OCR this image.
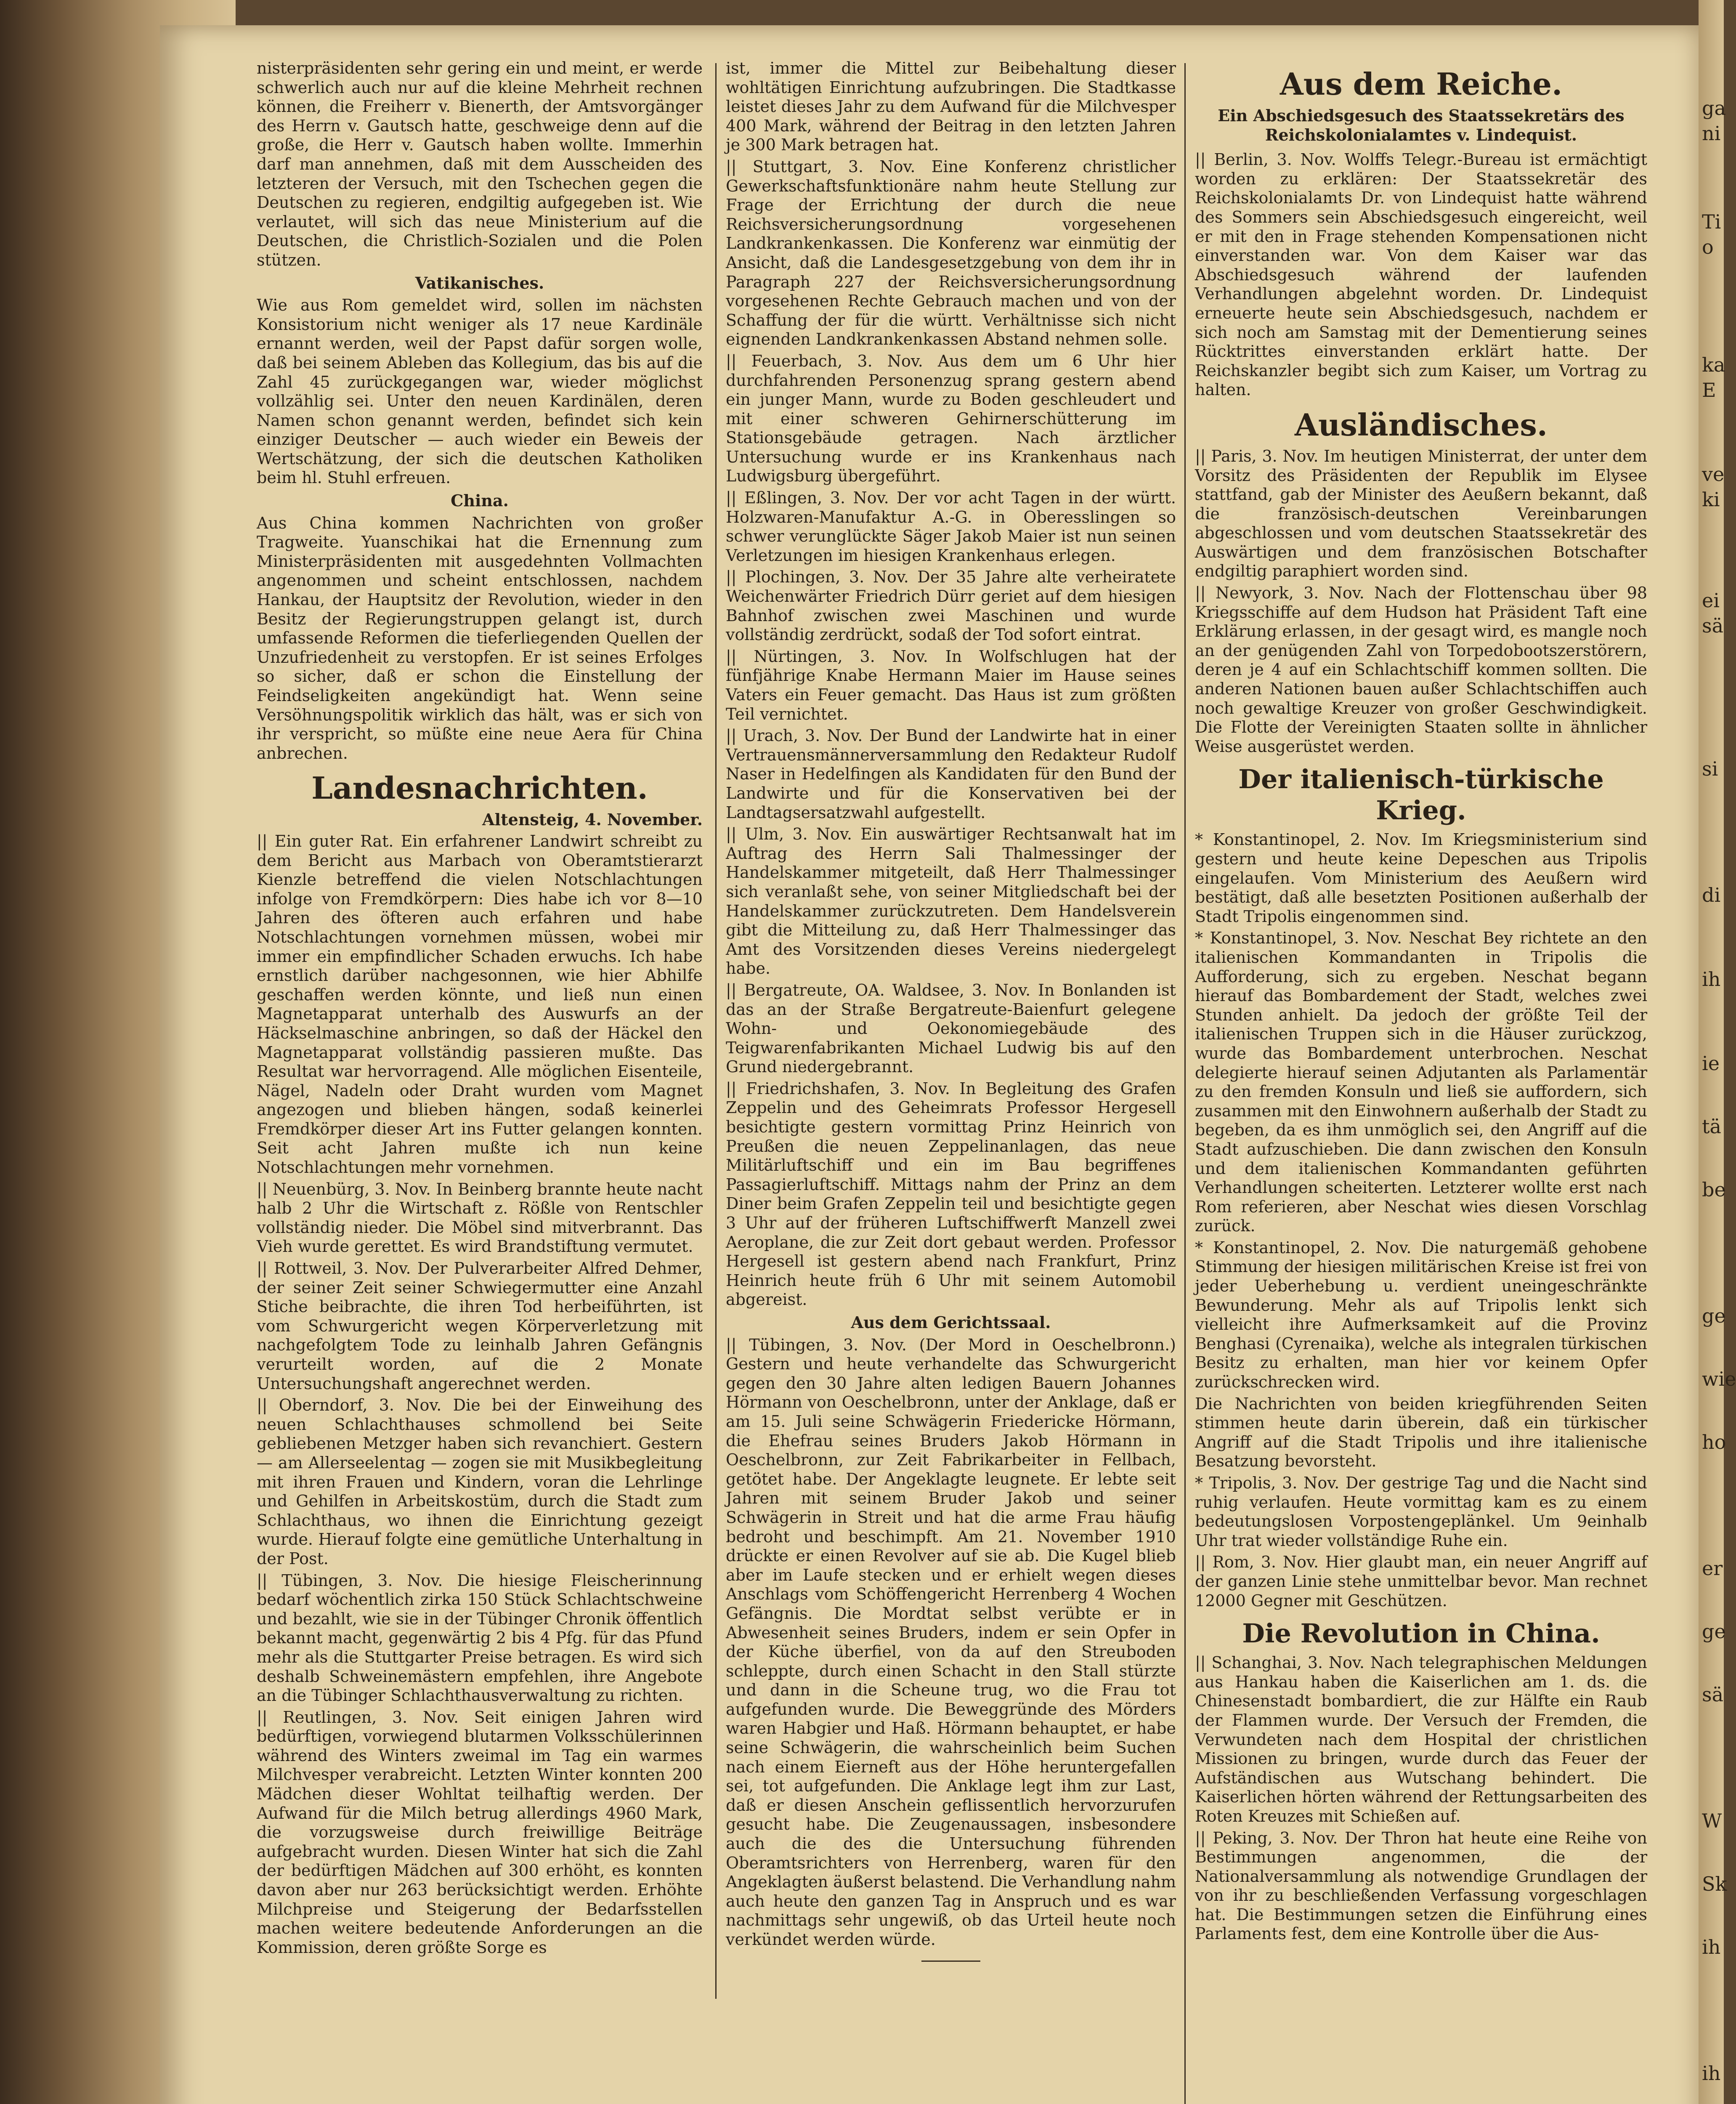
nisterpräsidenten sehr gering ein und meint, er werde schwerlich auch nur auf die kleine Mehrheit rechnen können, die Freiherr v. Bienerth, der Amtsvorgänger des Herrn v. Gautsch hatte, geschweige denn auf die große, die Herr v. Gautsch haben wollte. Immerhin darf man annehmen, daß mit dem Ausscheiden des letzteren der Versuch, mit den Tschechen gegen die Deutschen zu regieren, endgiltig aufgegeben ist. Wie verlautet, will sich das neue Ministerium auf die Deutschen, die Christlich-Sozialen und die Polen stützen.

Vatikanisches.

Wie aus Rom gemeldet wird, sollen im nächsten Konsistorium nicht weniger als 17 neue Kardinäle ernannt werden, weil der Papst dafür sorgen wolle, daß bei seinem Ableben das Kollegium, das bis auf die Zahl 45 zurückgegangen war, wieder möglichst vollzählig sei. Unter den neuen Kardinälen, deren Namen schon genannt werden, befindet sich kein einziger Deutscher — auch wieder ein Beweis der Wertschätzung, der sich die deutschen Katholiken beim hl. Stuhl erfreuen.

China.

Aus China kommen Nachrichten von großer Tragweite. Yuanschikai hat die Ernennung zum Ministerpräsidenten mit ausgedehnten Vollmachten angenommen und scheint entschlossen, nachdem Hankau, der Hauptsitz der Revolution, wieder in den Besitz der Regierungstruppen gelangt ist, durch umfassende Reformen die tieferliegenden Quellen der Unzufriedenheit zu verstopfen. Er ist seines Erfolges so sicher, daß er schon die Einstellung der Feindseligkeiten angekündigt hat. Wenn seine Versöhnungspolitik wirklich das hält, was er sich von ihr verspricht, so müßte eine neue Aera für China anbrechen.

Landesnachrichten.
Altensteig, 4. November.

|| Ein guter Rat. Ein erfahrener Landwirt schreibt zu dem Bericht aus Marbach von Oberamtstierarzt Kienzle betreffend die vielen Notschlachtungen infolge von Fremdkörpern: Dies habe ich vor 8—10 Jahren des öfteren auch erfahren und habe Notschlachtungen vornehmen müssen, wobei mir immer ein empfindlicher Schaden erwuchs. Ich habe ernstlich darüber nachgesonnen, wie hier Abhilfe geschaffen werden könnte, und ließ nun einen Magnetapparat unterhalb des Auswurfs an der Häckselmaschine anbringen, so daß der Häckel den Magnetapparat vollständig passieren mußte. Das Resultat war hervorragend. Alle möglichen Eisenteile, Nägel, Nadeln oder Draht wurden vom Magnet angezogen und blieben hängen, sodaß keinerlei Fremdkörper dieser Art ins Futter gelangen konnten. Seit acht Jahren mußte ich nun keine Notschlachtungen mehr vornehmen.

|| Neuenbürg, 3. Nov. In Beinberg brannte heute nacht halb 2 Uhr die Wirtschaft z. Rößle von Rentschler vollständig nieder. Die Möbel sind mitverbrannt. Das Vieh wurde gerettet. Es wird Brandstiftung vermutet.

|| Rottweil, 3. Nov. Der Pulverarbeiter Alfred Dehmer, der seiner Zeit seiner Schwiegermutter eine Anzahl Stiche beibrachte, die ihren Tod herbeiführten, ist vom Schwurgericht wegen Körperverletzung mit nachgefolgtem Tode zu leinhalb Jahren Gefängnis verurteilt worden, auf die 2 Monate Untersuchungshaft angerechnet werden.

|| Oberndorf, 3. Nov. Die bei der Einweihung des neuen Schlachthauses schmollend bei Seite gebliebenen Metzger haben sich revanchiert. Gestern — am Allerseelentag — zogen sie mit Musikbegleitung mit ihren Frauen und Kindern, voran die Lehrlinge und Gehilfen in Arbeitskostüm, durch die Stadt zum Schlachthaus, wo ihnen die Einrichtung gezeigt wurde. Hierauf folgte eine gemütliche Unterhaltung in der Post.

|| Tübingen, 3. Nov. Die hiesige Fleischerinnung bedarf wöchentlich zirka 150 Stück Schlachtschweine und bezahlt, wie sie in der Tübinger Chronik öffentlich bekannt macht, gegenwärtig 2 bis 4 Pfg. für das Pfund mehr als die Stuttgarter Preise betragen. Es wird sich deshalb Schweinemästern empfehlen, ihre Angebote an die Tübinger Schlachthausverwaltung zu richten.

|| Reutlingen, 3. Nov. Seit einigen Jahren wird bedürftigen, vorwiegend blutarmen Volksschülerinnen während des Winters zweimal im Tag ein warmes Milchvesper verabreicht. Letzten Winter konnten 200 Mädchen dieser Wohltat teilhaftig werden. Der Aufwand für die Milch betrug allerdings 4960 Mark, die vorzugsweise durch freiwillige Beiträge aufgebracht wurden. Diesen Winter hat sich die Zahl der bedürftigen Mädchen auf 300 erhöht, es konnten davon aber nur 263 berücksichtigt werden. Erhöhte Milchpreise und Steigerung der Bedarfsstellen machen weitere bedeutende Anforderungen an die Kommission, deren größte Sorge es

ist, immer die Mittel zur Beibehaltung dieser wohltätigen Einrichtung aufzubringen. Die Stadtkasse leistet dieses Jahr zu dem Aufwand für die Milchvesper 400 Mark, während der Beitrag in den letzten Jahren je 300 Mark betragen hat.

|| Stuttgart, 3. Nov. Eine Konferenz christlicher Gewerkschaftsfunktionäre nahm heute Stellung zur Frage der Errichtung der durch die neue Reichsversicherungsordnung vorgesehenen Landkrankenkassen. Die Konferenz war einmütig der Ansicht, daß die Landesgesetzgebung von dem ihr in Paragraph 227 der Reichsversicherungsordnung vorgesehenen Rechte Gebrauch machen und von der Schaffung der für die württ. Verhältnisse sich nicht eignenden Landkrankenkassen Abstand nehmen solle.

|| Feuerbach, 3. Nov. Aus dem um 6 Uhr hier durchfahrenden Personenzug sprang gestern abend ein junger Mann, wurde zu Boden geschleudert und mit einer schweren Gehirnerschütterung im Stationsgebäude getragen. Nach ärztlicher Untersuchung wurde er ins Krankenhaus nach Ludwigsburg übergeführt.

|| Eßlingen, 3. Nov. Der vor acht Tagen in der württ. Holzwaren-Manufaktur A.-G. in Oberesslingen so schwer verunglückte Säger Jakob Maier ist nun seinen Verletzungen im hiesigen Krankenhaus erlegen.

|| Plochingen, 3. Nov. Der 35 Jahre alte verheiratete Weichenwärter Friedrich Dürr geriet auf dem hiesigen Bahnhof zwischen zwei Maschinen und wurde vollständig zerdrückt, sodaß der Tod sofort eintrat.

|| Nürtingen, 3. Nov. In Wolfschlugen hat der fünfjährige Knabe Hermann Maier im Hause seines Vaters ein Feuer gemacht. Das Haus ist zum größten Teil vernichtet.

|| Urach, 3. Nov. Der Bund der Landwirte hat in einer Vertrauensmännerversammlung den Redakteur Rudolf Naser in Hedelfingen als Kandidaten für den Bund der Landwirte und für die Konservativen bei der Landtagsersatzwahl aufgestellt.

|| Ulm, 3. Nov. Ein auswärtiger Rechtsanwalt hat im Auftrag des Herrn Sali Thalmessinger der Handelskammer mitgeteilt, daß Herr Thalmessinger sich veranlaßt sehe, von seiner Mitgliedschaft bei der Handelskammer zurückzutreten. Dem Handelsverein gibt die Mitteilung zu, daß Herr Thalmessinger das Amt des Vorsitzenden dieses Vereins niedergelegt habe.

|| Bergatreute, OA. Waldsee, 3. Nov. In Bonlanden ist das an der Straße Bergatreute-Baienfurt gelegene Wohn- und Oekonomiegebäude des Teigwarenfabrikanten Michael Ludwig bis auf den Grund niedergebrannt.

|| Friedrichshafen, 3. Nov. In Begleitung des Grafen Zeppelin und des Geheimrats Professor Hergesell besichtigte gestern vormittag Prinz Heinrich von Preußen die neuen Zeppelinanlagen, das neue Militärluftschiff und ein im Bau begriffenes Passagierluftschiff. Mittags nahm der Prinz an dem Diner beim Grafen Zeppelin teil und besichtigte gegen 3 Uhr auf der früheren Luftschiffwerft Manzell zwei Aeroplane, die zur Zeit dort gebaut werden. Professor Hergesell ist gestern abend nach Frankfurt, Prinz Heinrich heute früh 6 Uhr mit seinem Automobil abgereist.

Aus dem Gerichtssaal.

|| Tübingen, 3. Nov. (Der Mord in Oeschelbronn.) Gestern und heute verhandelte das Schwurgericht gegen den 30 Jahre alten ledigen Bauern Johannes Hörmann von Oeschelbronn, unter der Anklage, daß er am 15. Juli seine Schwägerin Friedericke Hörmann, die Ehefrau seines Bruders Jakob Hörmann in Oeschelbronn, zur Zeit Fabrikarbeiter in Fellbach, getötet habe. Der Angeklagte leugnete. Er lebte seit Jahren mit seinem Bruder Jakob und seiner Schwägerin in Streit und hat die arme Frau häufig bedroht und beschimpft. Am 21. November 1910 drückte er einen Revolver auf sie ab. Die Kugel blieb aber im Laufe stecken und er erhielt wegen dieses Anschlags vom Schöffengericht Herrenberg 4 Wochen Gefängnis. Die Mordtat selbst verübte er in Abwesenheit seines Bruders, indem er sein Opfer in der Küche überfiel, von da auf den Streuboden schleppte, durch einen Schacht in den Stall stürzte und dann in die Scheune trug, wo die Frau tot aufgefunden wurde. Die Beweggründe des Mörders waren Habgier und Haß. Hörmann behauptet, er habe seine Schwägerin, die wahrscheinlich beim Suchen nach einem Eierneft aus der Höhe heruntergefallen sei, tot aufgefunden. Die Anklage legt ihm zur Last, daß er diesen Anschein geflissentlich hervorzurufen gesucht habe. Die Zeugenaussagen, insbesondere auch die des die Untersuchung führenden Oberamtsrichters von Herrenberg, waren für den Angeklagten äußerst belastend. Die Verhandlung nahm auch heute den ganzen Tag in Anspruch und es war nachmittags sehr ungewiß, ob das Urteil heute noch verkündet werden würde.

Aus dem Reiche.
Ein Abschiedsgesuch des Staatssekretärs des Reichskolonialamtes v. Lindequist.

|| Berlin, 3. Nov. Wolffs Telegr.-Bureau ist ermächtigt worden zu erklären: Der Staatssekretär des Reichskolonialamts Dr. von Lindequist hatte während des Sommers sein Abschiedsgesuch eingereicht, weil er mit den in Frage stehenden Kompensationen nicht einverstanden war. Von dem Kaiser war das Abschiedsgesuch während der laufenden Verhandlungen abgelehnt worden. Dr. Lindequist erneuerte heute sein Abschiedsgesuch, nachdem er sich noch am Samstag mit der Dementierung seines Rücktrittes einverstanden erklärt hatte. Der Reichskanzler begibt sich zum Kaiser, um Vortrag zu halten.

Ausländisches.

|| Paris, 3. Nov. Im heutigen Ministerrat, der unter dem Vorsitz des Präsidenten der Republik im Elysee stattfand, gab der Minister des Aeußern bekannt, daß die französisch-deutschen Vereinbarungen abgeschlossen und vom deutschen Staatssekretär des Auswärtigen und dem französischen Botschafter endgiltig paraphiert worden sind.

|| Newyork, 3. Nov. Nach der Flottenschau über 98 Kriegsschiffe auf dem Hudson hat Präsident Taft eine Erklärung erlassen, in der gesagt wird, es mangle noch an der genügenden Zahl von Torpedobootszerstörern, deren je 4 auf ein Schlachtschiff kommen sollten. Die anderen Nationen bauen außer Schlachtschiffen auch noch gewaltige Kreuzer von großer Geschwindigkeit. Die Flotte der Vereinigten Staaten sollte in ähnlicher Weise ausgerüstet werden.

Der italienisch-türkische Krieg.

* Konstantinopel, 2. Nov. Im Kriegsministerium sind gestern und heute keine Depeschen aus Tripolis eingelaufen. Vom Ministerium des Aeußern wird bestätigt, daß alle besetzten Positionen außerhalb der Stadt Tripolis eingenommen sind.

* Konstantinopel, 3. Nov. Neschat Bey richtete an den italienischen Kommandanten in Tripolis die Aufforderung, sich zu ergeben. Neschat begann hierauf das Bombardement der Stadt, welches zwei Stunden anhielt. Da jedoch der größte Teil der italienischen Truppen sich in die Häuser zurückzog, wurde das Bombardement unterbrochen. Neschat delegierte hierauf seinen Adjutanten als Parlamentär zu den fremden Konsuln und ließ sie auffordern, sich zusammen mit den Einwohnern außerhalb der Stadt zu begeben, da es ihm unmöglich sei, den Angriff auf die Stadt aufzuschieben. Die dann zwischen den Konsuln und dem italienischen Kommandanten geführten Verhandlungen scheiterten. Letzterer wollte erst nach Rom referieren, aber Neschat wies diesen Vorschlag zurück.

* Konstantinopel, 2. Nov. Die naturgemäß gehobene Stimmung der hiesigen militärischen Kreise ist frei von jeder Ueberhebung u. verdient uneingeschränkte Bewunderung. Mehr als auf Tripolis lenkt sich vielleicht ihre Aufmerksamkeit auf die Provinz Benghasi (Cyrenaika), welche als integralen türkischen Besitz zu erhalten, man hier vor keinem Opfer zurückschrecken wird.

Die Nachrichten von beiden kriegführenden Seiten stimmen heute darin überein, daß ein türkischer Angriff auf die Stadt Tripolis und ihre italienische Besatzung bevorsteht.

* Tripolis, 3. Nov. Der gestrige Tag und die Nacht sind ruhig verlaufen. Heute vormittag kam es zu einem bedeutungslosen Vorpostengeplänkel. Um 9einhalb Uhr trat wieder vollständige Ruhe ein.

|| Rom, 3. Nov. Hier glaubt man, ein neuer Angriff auf der ganzen Linie stehe unmittelbar bevor. Man rechnet 12000 Gegner mit Geschützen.

Die Revolution in China.

|| Schanghai, 3. Nov. Nach telegraphischen Meldungen aus Hankau haben die Kaiserlichen am 1. ds. die Chinesenstadt bombardiert, die zur Hälfte ein Raub der Flammen wurde. Der Versuch der Fremden, die Verwundeten nach dem Hospital der christlichen Missionen zu bringen, wurde durch das Feuer der Aufständischen aus Wutschang behindert. Die Kaiserlichen hörten während der Rettungsarbeiten des Roten Kreuzes mit Schießen auf.

|| Peking, 3. Nov. Der Thron hat heute eine Reihe von Bestimmungen angenommen, die der Nationalversammlung als notwendige Grundlagen der von ihr zu beschließenden Verfassung vorgeschlagen hat. Die Bestimmungen setzen die Einführung eines Parlaments fest, dem eine Kontrolle über die Aus-

ga
ni
Ti
o
ka
E
ve
ki
ei
sä
si
di
ie
be
ge
ho
er
sä
W
ih
ih
ih
tä
wie
ge
Sk
